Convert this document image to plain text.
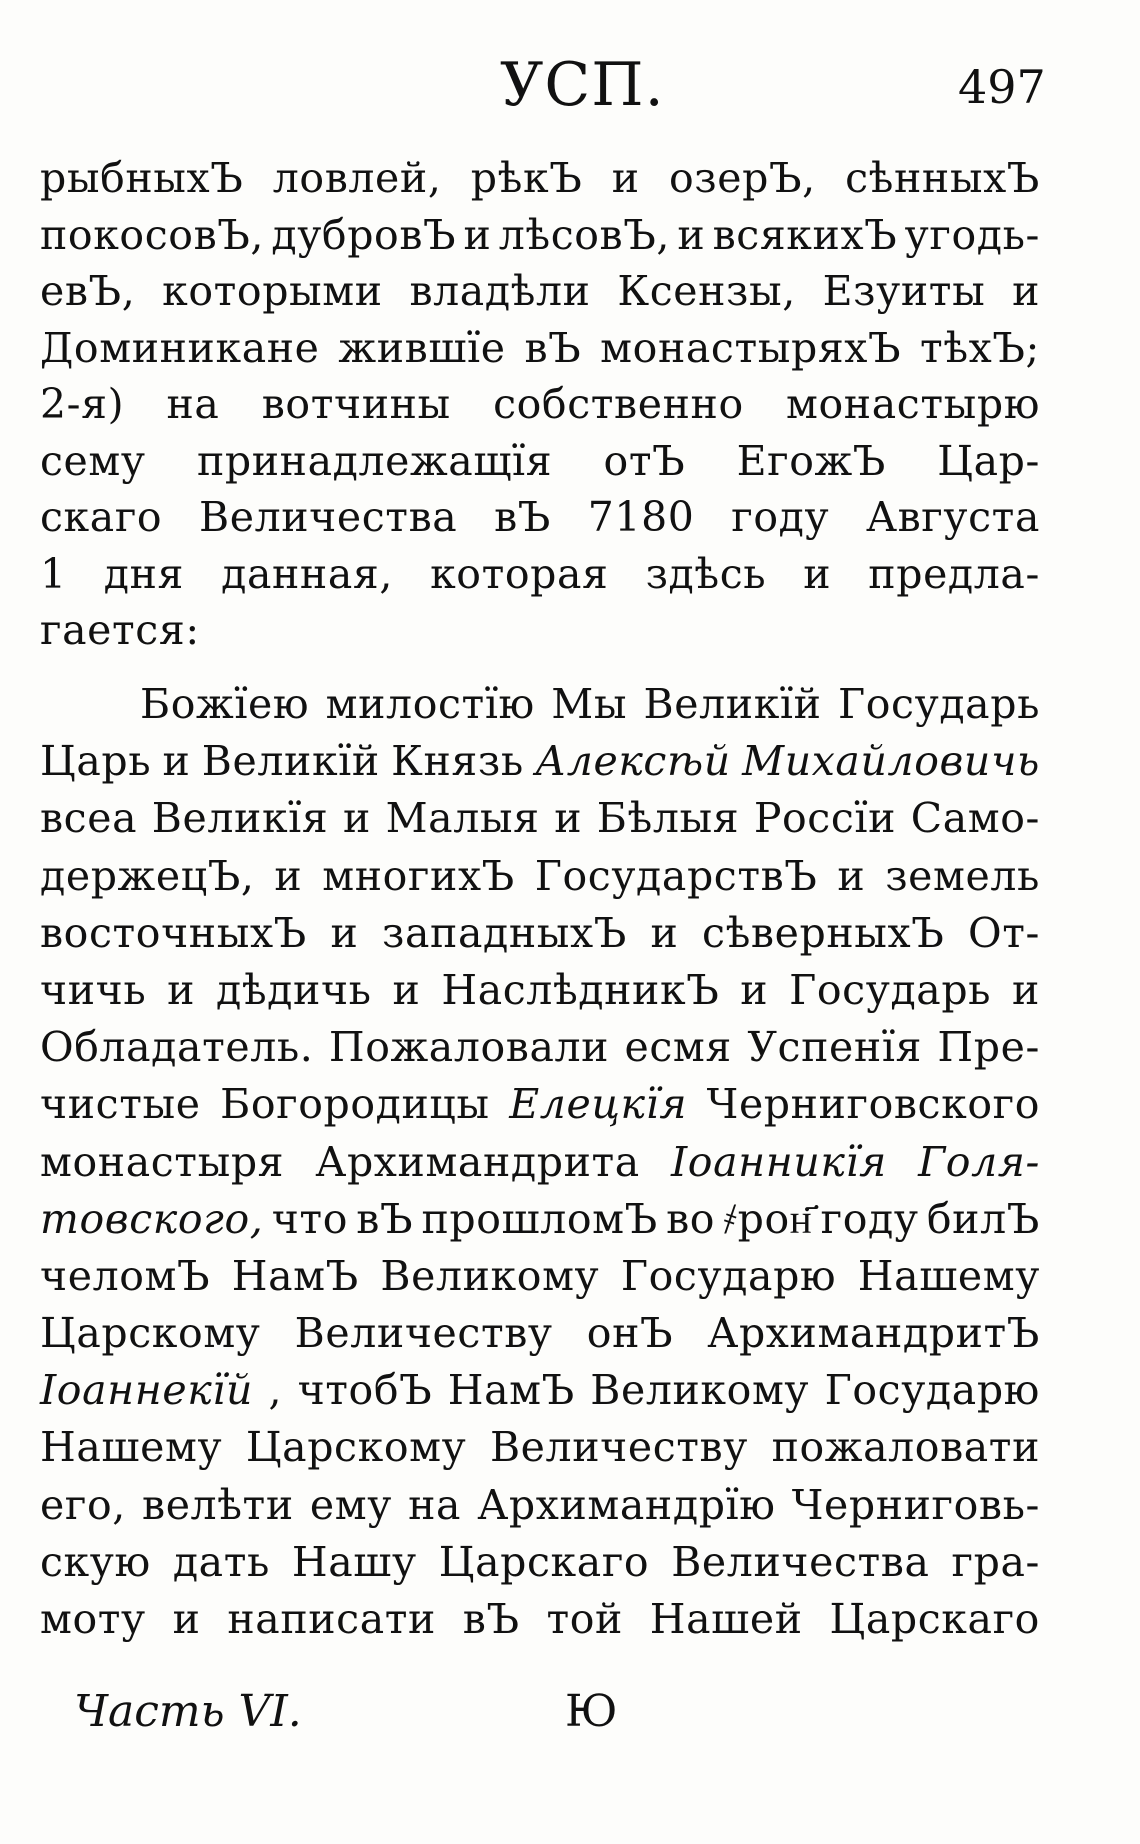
УСП.	497
рыбныхЪ ловлей, рѣкЪ и озерЪ, сѣнныхЪ
покосовЪ, дубровЪ и лѣсовЪ, и всякихЪ угодь-
евЪ, которыми владѣли Ксензы, Езуиты и
Доминикане жившїе вЪ монастыряхЪ тѣхЪ;
2-я) на вотчины собственно монастырю
сему принадлежащїя отЪ ЕгожЪ Цар-
скаго Величества вЪ 7180 году Августа
1 дня данная, которая здѣсь и предла-
гается :
Божїею милостїю Мы Великїй Государь
Царь и Великїй Князь Алексѣй Михайловичь
всеа Великїя и Малыя и Бѣлыя Россїи Само-
держецЪ, и многихЪ ГосударствЪ и земель
восточныхЪ и западныхЪ и сѣверныхЪ От-
чичь и дѣдичь и НаслѣдникЪ и Государь и
Обладатель. Пожаловали есмя Успенїя Пре-
чистые Богородицы Елецкїя Черниговского
монастыря Архимандрита Iоанникїя Голя-
товского, что вЪ прошломЪ во ҂рон҃ году билЪ
челомЪ НамЪ Великому Государю Нашему
Царскому Величеству онЪ АрхимандритЪ
Iоаннекїй , чтобЪ НамЪ Великому Государю
Нашему Царскому Величеству пожаловати
его, велѣти ему на Архимандрїю Черниговь-
скую дать Нашу Царскаго Величества гра-
моту и написати вЪ той Нашей Царскаго
Часть VI.	Ю
